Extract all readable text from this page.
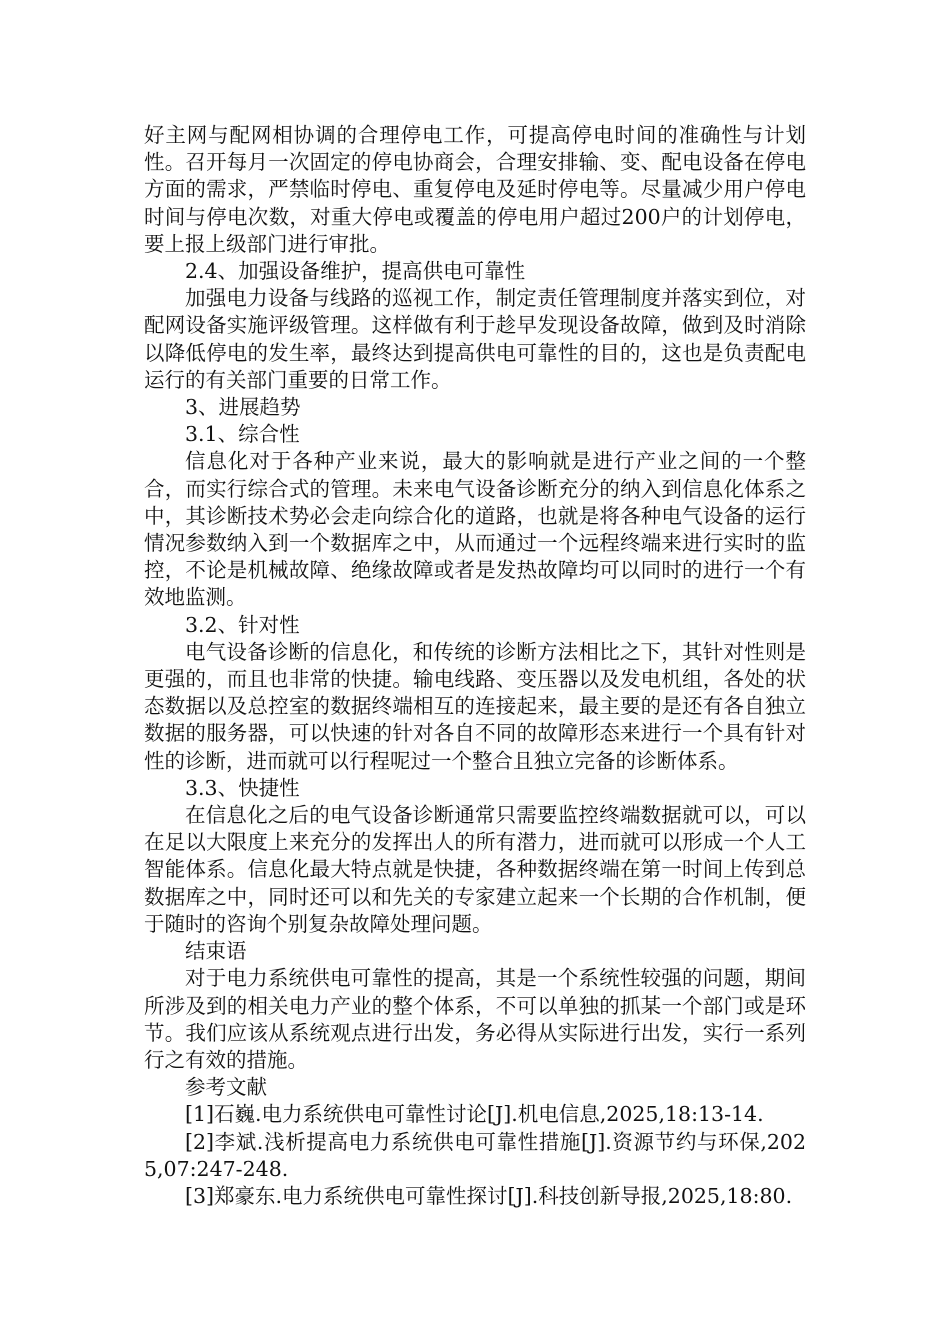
好主网与配网相协调的合理停电工作，可提高停电时间的准确性与计划性。召开每月一次固定的停电协商会，合理安排输、变、配电设备在停电方面的需求，严禁临时停电、重复停电及延时停电等。尽量减少用户停电时间与停电次数，对重大停电或覆盖的停电用户超过200户的计划停电，要上报上级部门进行审批。

2.4、加强设备维护，提高供电可靠性

加强电力设备与线路的巡视工作，制定责任管理制度并落实到位，对配网设备实施评级管理。这样做有利于趁早发现设备故障，做到及时消除以降低停电的发生率，最终达到提高供电可靠性的目的，这也是负责配电运行的有关部门重要的日常工作。

3、进展趋势

3.1、综合性

信息化对于各种产业来说，最大的影响就是进行产业之间的一个整合，而实行综合式的管理。未来电气设备诊断充分的纳入到信息化体系之中，其诊断技术势必会走向综合化的道路，也就是将各种电气设备的运行情况参数纳入到一个数据库之中，从而通过一个远程终端来进行实时的监控，不论是机械故障、绝缘故障或者是发热故障均可以同时的进行一个有效地监测。

3.2、针对性

电气设备诊断的信息化，和传统的诊断方法相比之下，其针对性则是更强的，而且也非常的快捷。输电线路、变压器以及发电机组，各处的状态数据以及总控室的数据终端相互的连接起来，最主要的是还有各自独立数据的服务器，可以快速的针对各自不同的故障形态来进行一个具有针对性的诊断，进而就可以行程呢过一个整合且独立完备的诊断体系。

3.3、快捷性

在信息化之后的电气设备诊断通常只需要监控终端数据就可以，可以在足以大限度上来充分的发挥出人的所有潜力，进而就可以形成一个人工智能体系。信息化最大特点就是快捷，各种数据终端在第一时间上传到总数据库之中，同时还可以和先关的专家建立起来一个长期的合作机制，便于随时的咨询个别复杂故障处理问题。

结束语

对于电力系统供电可靠性的提高，其是一个系统性较强的问题，期间所涉及到的相关电力产业的整个体系，不可以单独的抓某一个部门或是环节。我们应该从系统观点进行出发，务必得从实际进行出发，实行一系列行之有效的措施。

参考文献

[1]石巍.电力系统供电可靠性讨论[J].机电信息,2025,18:13-14.

[2]李斌.浅析提高电力系统供电可靠性措施[J].资源节约与环保,2025,07:247-248.

[3]郑豪东.电力系统供电可靠性探讨[J].科技创新导报,2025,18:80.
